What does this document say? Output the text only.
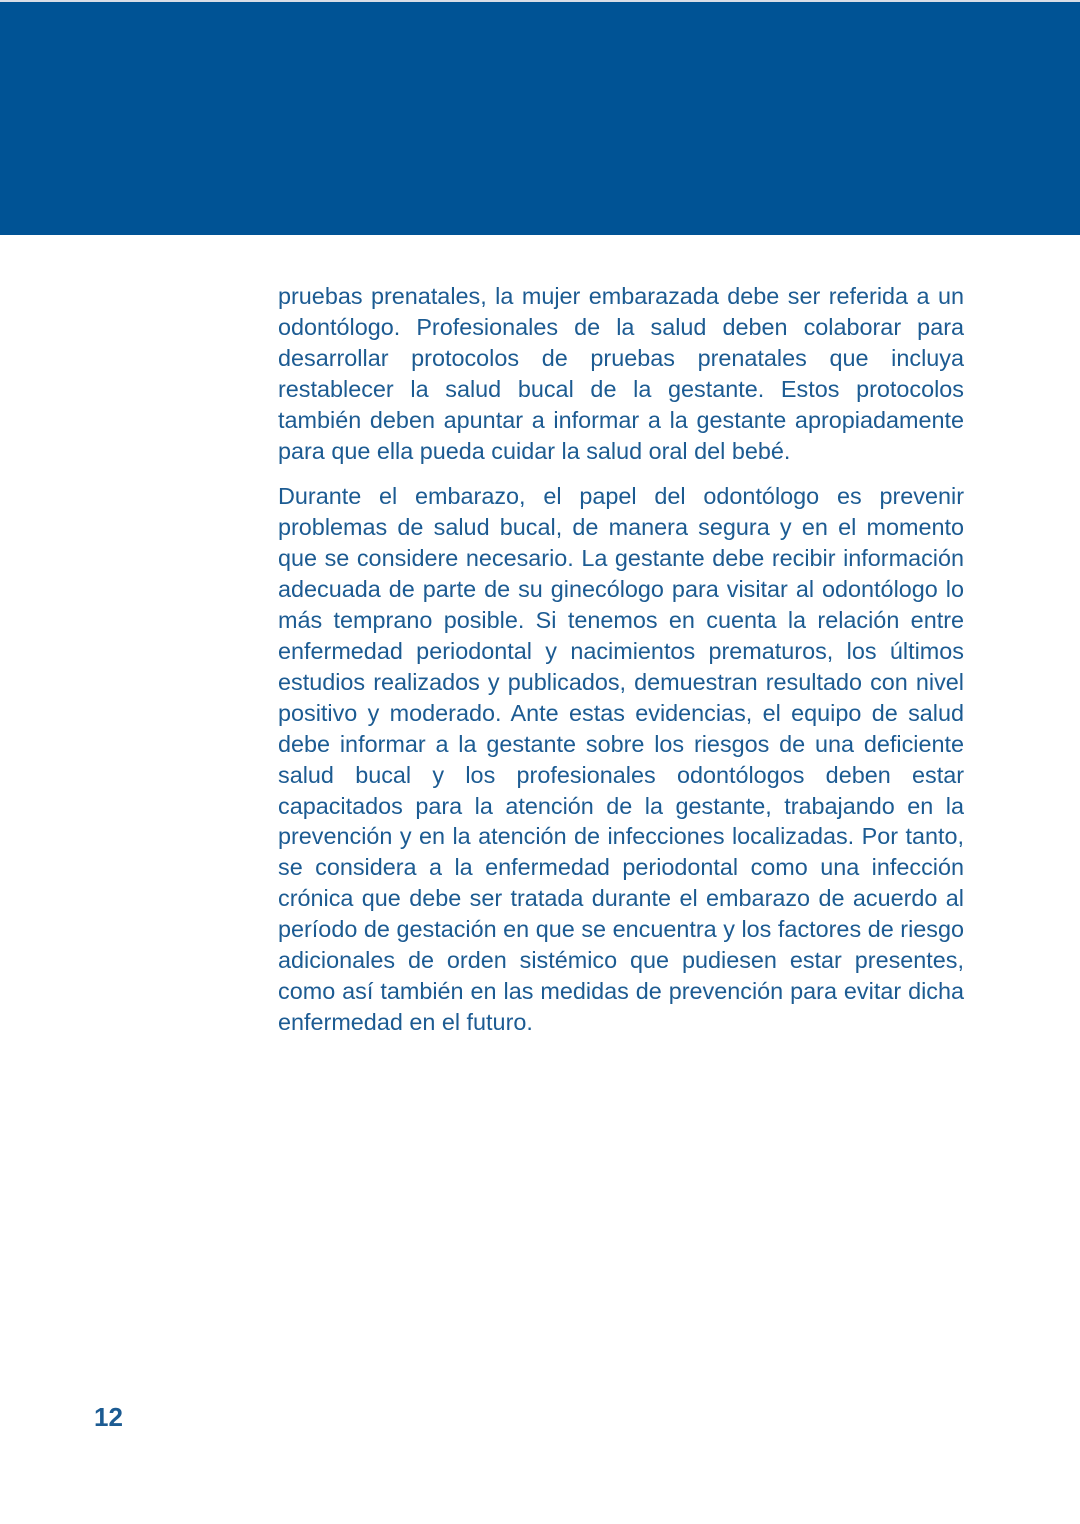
pruebas prenatales, la mujer embarazada debe ser referida a un odontólogo. Profesionales de la salud deben colaborar para desarrollar protocolos de pruebas prenatales que incluya restablecer la salud bucal de la gestante. Estos protocolos también deben apuntar a informar a la gestante apropiadamente para que ella pueda cuidar la salud oral del bebé.

Durante el embarazo, el papel del odontólogo es prevenir problemas de salud bucal, de manera segura y en el momento que se considere necesario. La gestante debe recibir información adecuada de parte de su ginecólogo para visitar al odontólogo lo más temprano posible. Si tenemos en cuenta la relación entre enfermedad periodontal y nacimientos prematuros, los últimos estudios realizados y publicados, demuestran resultado con nivel positivo y moderado. Ante estas evidencias, el equipo de salud debe informar a la gestante sobre los riesgos de una deficiente salud bucal y los profesionales odontólogos deben estar capacitados para la atención de la gestante, trabajando en la prevención y en la atención de infecciones localizadas. Por tanto, se considera a la enfermedad periodontal como una infección crónica que debe ser tratada durante el embarazo de acuerdo al período de gestación en que se encuentra y los factores de riesgo adicionales de orden sistémico que pudiesen estar presentes, como así también en las medidas de prevención para evitar dicha enfermedad en el futuro.

12
